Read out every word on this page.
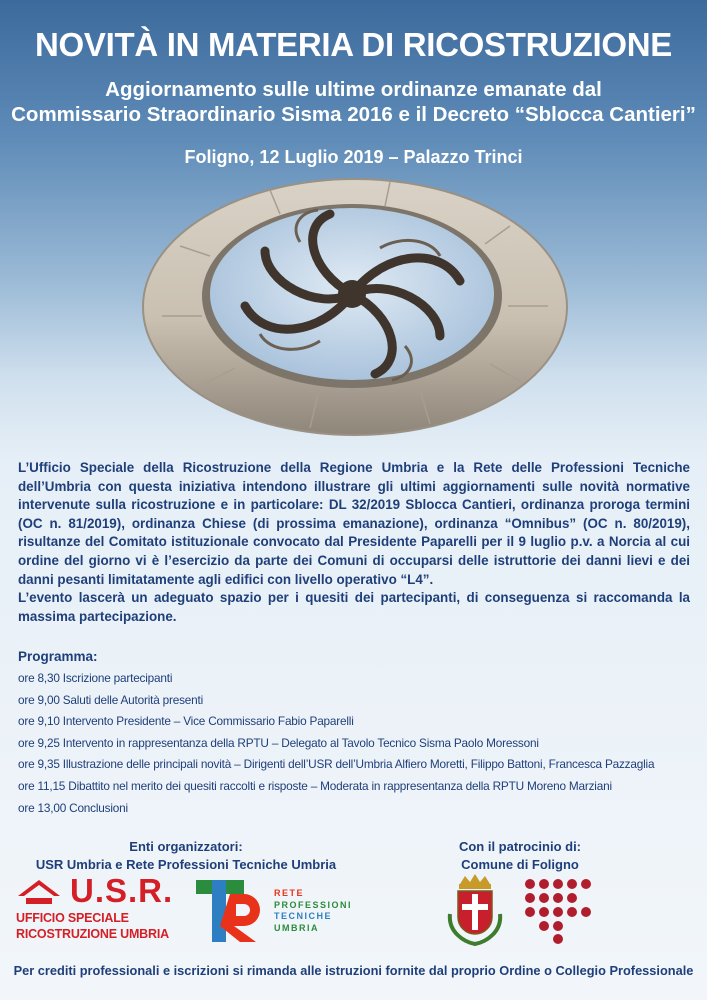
NOVITÀ IN MATERIA DI RICOSTRUZIONE
Aggiornamento sulle ultime ordinanze emanate dal
Commissario Straordinario Sisma 2016 e il Decreto “Sblocca Cantieri”
Foligno, 12 Luglio 2019 – Palazzo Trinci

L’Ufficio Speciale della Ricostruzione della Regione Umbria e la Rete delle Professioni Tecniche dell’Umbria con questa iniziativa intendono illustrare gli ultimi aggiornamenti sulle novità normative intervenute sulla ricostruzione e in particolare: DL 32/2019 Sblocca Cantieri, ordinanza proroga termini (OC n. 81/2019), ordinanza Chiese (di prossima emanazione), ordinanza “Omnibus” (OC n. 80/2019), risultanze del Comitato istituzionale convocato dal Presidente Paparelli per il 9 luglio p.v. a Norcia al cui ordine del giorno vi è l’esercizio da parte dei Comuni di occuparsi delle istruttorie dei danni lievi e dei danni pesanti limitatamente agli edifici con livello operativo “L4”.

L’evento lascerà un adeguato spazio per i quesiti dei partecipanti, di conseguenza si raccomanda la massima partecipazione.

Programma:
ore 8,30 Iscrizione partecipanti
ore 9,00 Saluti delle Autorità presenti
ore 9,10 Intervento Presidente – Vice Commissario Fabio Paparelli
ore 9,25 Intervento in rappresentanza della RPTU – Delegato al Tavolo Tecnico Sisma Paolo Moressoni
ore 9,35 Illustrazione delle principali novità – Dirigenti dell’USR dell’Umbria Alfiero Moretti, Filippo Battoni, Francesca Pazzaglia
ore 11,15 Dibattito nel merito dei quesiti raccolti e risposte – Moderata in rappresentanza della RPTU Moreno Marziani
ore 13,00 Conclusioni
Enti organizzatori:
USR Umbria e Rete Professioni Tecniche Umbria
Con il patrocinio di:
Comune di Foligno
U.S.R.
UFFICIO SPECIALE
RICOSTRUZIONE UMBRIA
RETE
PROFESSIONI
TECNICHE
UMBRIA
Per crediti professionali e iscrizioni si rimanda alle istruzioni fornite dal proprio Ordine o Collegio Professionale
